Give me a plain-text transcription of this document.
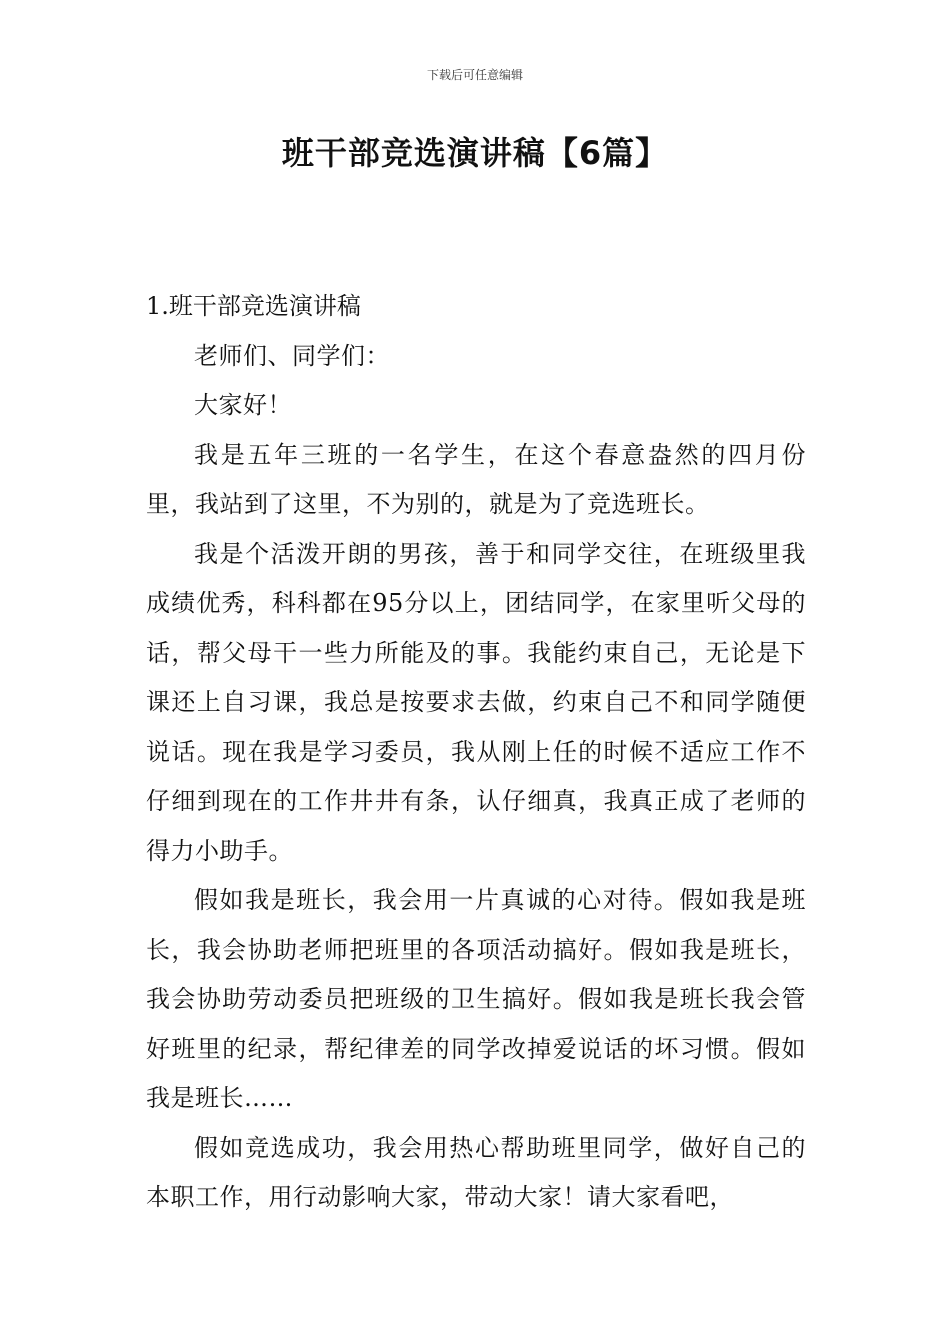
下载后可任意编辑
班干部竞选演讲稿【6篇】

1.班干部竞选演讲稿

老师们、同学们：

大家好！

我是五年三班的一名学生，在这个春意盎然的四月份里，我站到了这里，不为别的，就是为了竞选班长。

我是个活泼开朗的男孩，善于和同学交往，在班级里我成绩优秀，科科都在95分以上，团结同学，在家里听父母的话，帮父母干一些力所能及的事。我能约束自己，无论是下课还上自习课，我总是按要求去做，约束自己不和同学随便说话。现在我是学习委员，我从刚上任的时候不适应工作不仔细到现在的工作井井有条，认仔细真，我真正成了老师的得力小助手。

假如我是班长，我会用一片真诚的心对待。假如我是班长，我会协助老师把班里的各项活动搞好。假如我是班长，我会协助劳动委员把班级的卫生搞好。假如我是班长我会管好班里的纪录，帮纪律差的同学改掉爱说话的坏习惯。假如我是班长……

假如竞选成功，我会用热心帮助班里同学，做好自己的本职工作，用行动影响大家，带动大家！请大家看吧，
